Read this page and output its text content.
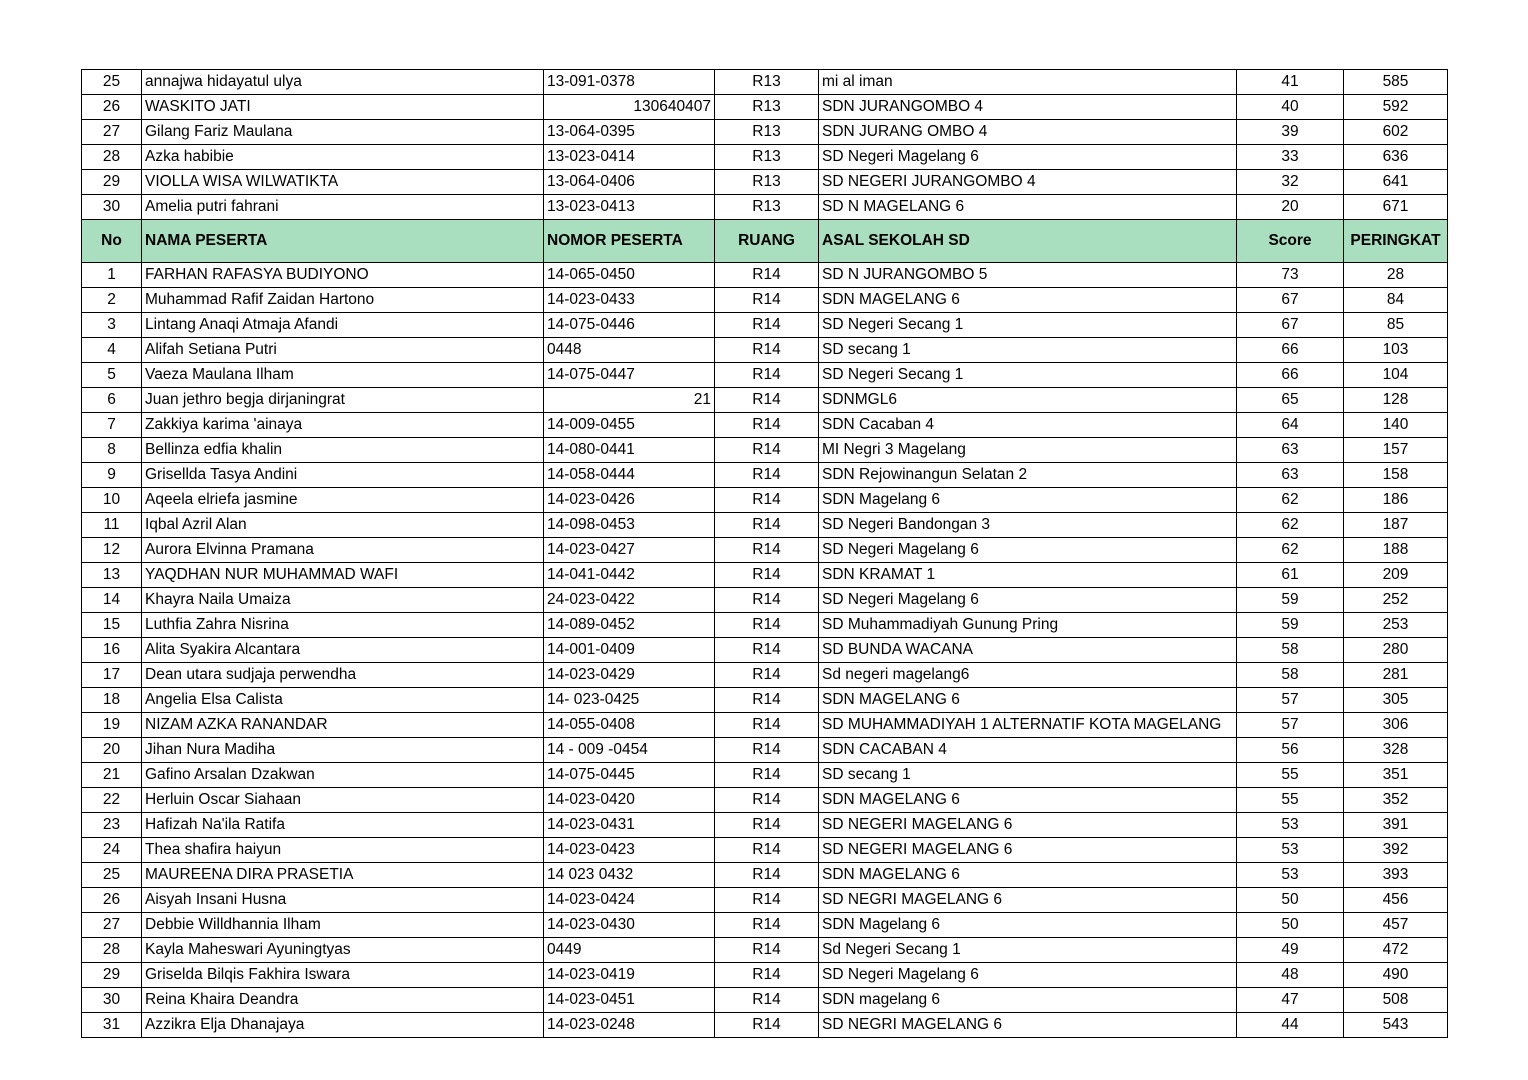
25	annajwa hidayatul ulya	13-091-0378	R13	mi al iman	41	585
26	WASKITO JATI	130640407	R13	SDN JURANGOMBO 4	40	592
27	Gilang Fariz Maulana	13-064-0395	R13	SDN JURANG OMBO 4	39	602
28	Azka habibie	13-023-0414	R13	SD Negeri Magelang 6	33	636
29	VIOLLA WISA WILWATIKTA	13-064-0406	R13	SD NEGERI JURANGOMBO 4	32	641
30	Amelia putri fahrani	13-023-0413	R13	SD N MAGELANG 6	20	671
No	NAMA PESERTA	NOMOR PESERTA	RUANG	ASAL SEKOLAH SD	Score	PERINGKAT
1	FARHAN RAFASYA BUDIYONO	14-065-0450	R14	SD N JURANGOMBO 5	73	28
2	Muhammad Rafif Zaidan Hartono	14-023-0433	R14	SDN MAGELANG 6	67	84
3	Lintang Anaqi Atmaja Afandi	14-075-0446	R14	SD Negeri Secang 1	67	85
4	Alifah Setiana Putri	0448	R14	SD secang 1	66	103
5	Vaeza Maulana Ilham	14-075-0447	R14	SD Negeri Secang 1	66	104
6	Juan jethro begja dirjaningrat	21	R14	SDNMGL6	65	128
7	Zakkiya karima 'ainaya	14-009-0455	R14	SDN Cacaban 4	64	140
8	Bellinza edfia khalin	14-080-0441	R14	MI Negri 3 Magelang	63	157
9	Grisellda Tasya Andini	14-058-0444	R14	SDN Rejowinangun Selatan 2	63	158
10	Aqeela elriefa jasmine	14-023-0426	R14	SDN Magelang 6	62	186
11	Iqbal Azril Alan	14-098-0453	R14	SD Negeri Bandongan 3	62	187
12	Aurora Elvinna Pramana	14-023-0427	R14	SD Negeri Magelang 6	62	188
13	YAQDHAN NUR MUHAMMAD WAFI	14-041-0442	R14	SDN KRAMAT 1	61	209
14	Khayra Naila Umaiza	24-023-0422	R14	SD Negeri Magelang 6	59	252
15	Luthfia Zahra Nisrina	14-089-0452	R14	SD Muhammadiyah Gunung Pring	59	253
16	Alita Syakira Alcantara	14-001-0409	R14	SD BUNDA WACANA	58	280
17	Dean utara sudjaja perwendha	14-023-0429	R14	Sd negeri magelang6	58	281
18	Angelia Elsa Calista	14- 023-0425	R14	SDN MAGELANG 6	57	305
19	NIZAM AZKA RANANDAR	14-055-0408	R14	SD MUHAMMADIYAH 1 ALTERNATIF KOTA MAGELANG	57	306
20	Jihan Nura Madiha	14 - 009 -0454	R14	SDN CACABAN 4	56	328
21	Gafino Arsalan Dzakwan	14-075-0445	R14	SD secang 1	55	351
22	Herluin Oscar Siahaan	14-023-0420	R14	SDN MAGELANG 6	55	352
23	Hafizah Na'ila Ratifa	14-023-0431	R14	SD NEGERI MAGELANG 6	53	391
24	Thea shafira haiyun	14-023-0423	R14	SD NEGERI MAGELANG 6	53	392
25	MAUREENA DIRA PRASETIA	14 023 0432	R14	SDN MAGELANG 6	53	393
26	Aisyah Insani Husna	14-023-0424	R14	SD NEGRI MAGELANG 6	50	456
27	Debbie Willdhannia Ilham	14-023-0430	R14	SDN Magelang 6	50	457
28	Kayla Maheswari Ayuningtyas	0449	R14	Sd Negeri Secang 1	49	472
29	Griselda Bilqis Fakhira Iswara	14-023-0419	R14	SD Negeri Magelang 6	48	490
30	Reina Khaira Deandra	14-023-0451	R14	SDN magelang 6	47	508
31	Azzikra Elja Dhanajaya	14-023-0248	R14	SD NEGRI MAGELANG 6	44	543
